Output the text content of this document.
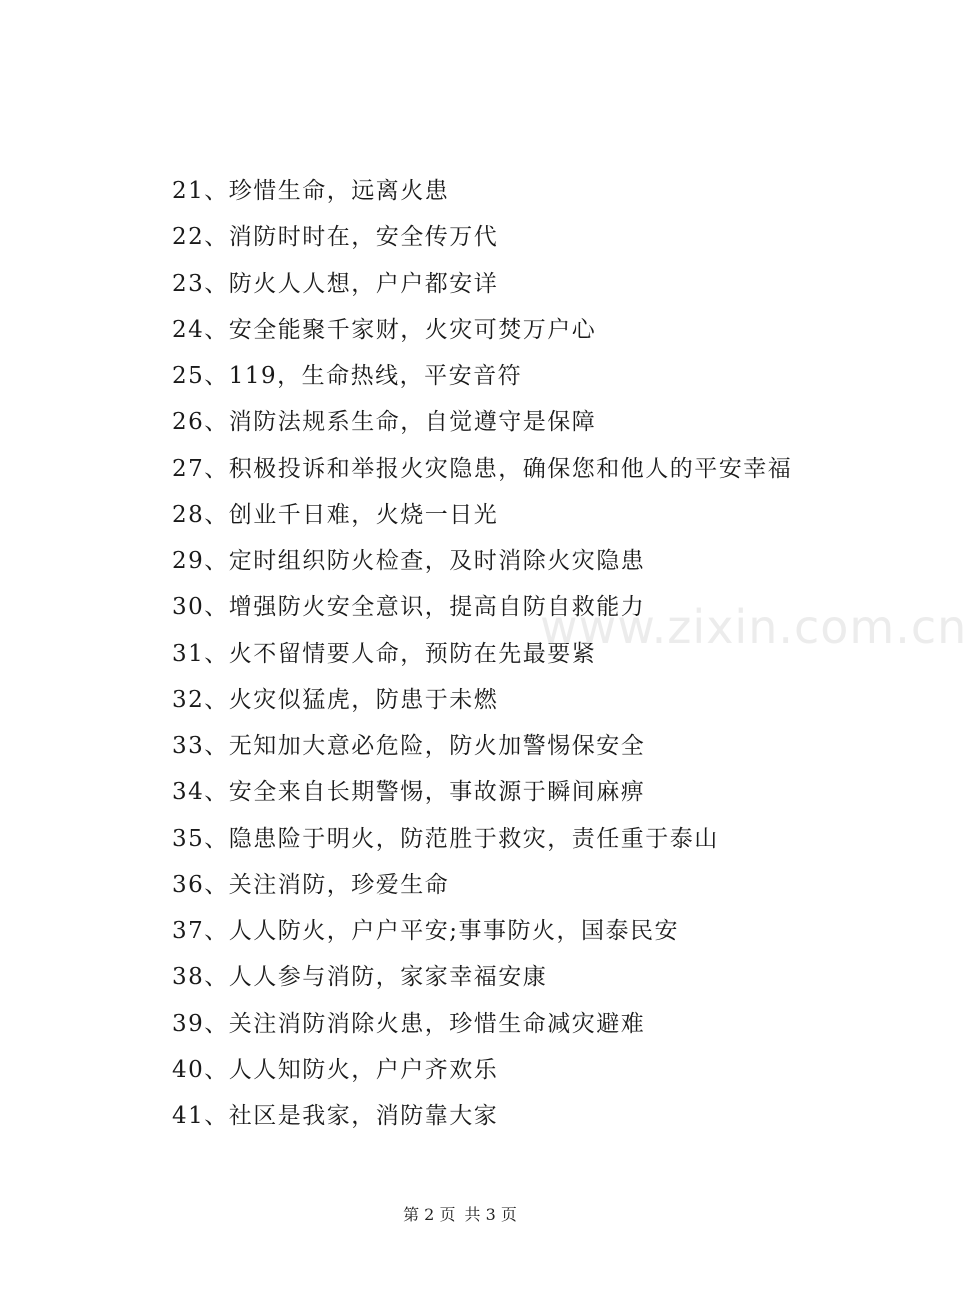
21、珍惜生命，远离火患
22、消防时时在，安全传万代
23、防火人人想，户户都安详
24、安全能聚千家财，火灾可焚万户心
25、119，生命热线，平安音符
26、消防法规系生命，自觉遵守是保障
27、积极投诉和举报火灾隐患，确保您和他人的平安幸福
28、创业千日难，火烧一日光
29、定时组织防火检查，及时消除火灾隐患
30、增强防火安全意识，提高自防自救能力
31、火不留情要人命，预防在先最要紧
32、火灾似猛虎，防患于未燃
33、无知加大意必危险，防火加警惕保安全
34、安全来自长期警惕，事故源于瞬间麻痹
35、隐患险于明火，防范胜于救灾，责任重于泰山
36、关注消防，珍爱生命
37、人人防火，户户平安;事事防火，国泰民安
38、人人参与消防，家家幸福安康
39、关注消防消除火患，珍惜生命减灾避难
40、人人知防火，户户齐欢乐
41、社区是我家，消防靠大家
www.zixin.com.cn
第 2 页 共 3 页
